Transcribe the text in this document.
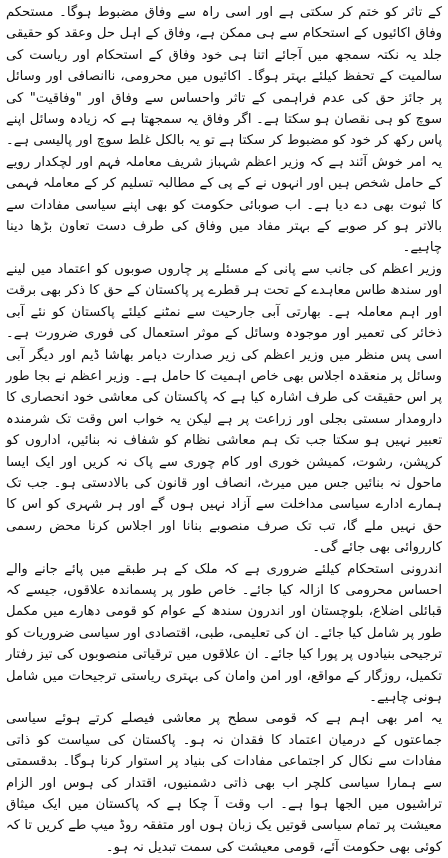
کے تاثر کو ختم کر سکتی ہے اور اسی راہ سے وفاق مضبوط ہوگا۔ مستحکم وفاق اکائیوں کے استحکام سے ہی ممکن ہے، وفاق کے اہل حل وعقد کو حقیقی جلد یہ نکتہ سمجھ میں آجائے اتنا ہی خود وفاق کے استحکام اور ریاست کی سالمیت کے تحفظ کیلئے بہتر ہوگا۔ اکائیوں میں محرومی، ناانصافی اور وسائل پر جائز حق کی عدم فراہمی کے تاثر واحساس سے وفاق اور "وفاقیت" کی سوچ کو ہی نقصان ہو سکتا ہے۔ اگر وفاق یہ سمجھتا ہے کہ زیادہ وسائل اپنے پاس رکھ کر خود کو مضبوط کر سکتا ہے تو یہ بالکل غلط سوچ اور پالیسی ہے۔ یہ امر خوش آئند ہے کہ وزیر اعظم شہباز شریف معاملہ فہم اور لچکدار رویے کے حامل شخص ہیں اور انہوں نے کے پی کے مطالبہ تسلیم کر کے معاملہ فہمی کا ثبوت بھی دے دیا ہے۔ اب صوبائی حکومت کو بھی اپنے سیاسی مفادات سے بالاتر ہو کر صوبے کے بہتر مفاد میں وفاق کی طرف دست تعاون بڑھا دینا چاہیے۔

وزیر اعظم کی جانب سے پانی کے مسئلے پر چاروں صوبوں کو اعتماد میں لینے اور سندھ طاس معاہدے کے تحت ہر قطرے پر پاکستان کے حق کا ذکر بھی برقت اور اہم معاملہ ہے۔ بھارتی آبی جارحیت سے نمٹنے کیلئے پاکستان کو نئے آبی ذخائر کی تعمیر اور موجودہ وسائل کے موثر استعمال کی فوری ضرورت ہے۔ اسی پس منظر میں وزیر اعظم کی زیر صدارت دیامر بھاشا ڈیم اور دیگر آبی وسائل پر منعقدہ اجلاس بھی خاص اہمیت کا حامل ہے۔ وزیر اعظم نے بجا طور پر اس حقیقت کی طرف اشارہ کیا ہے کہ پاکستان کی معاشی خود انحصاری کا دارومدار سستی بجلی اور زراعت پر ہے لیکن یہ خواب اس وقت تک شرمندہ تعبیر نہیں ہو سکتا جب تک ہم معاشی نظام کو شفاف نہ بنائیں، اداروں کو کرپشن، رشوت، کمیشن خوری اور کام چوری سے پاک نہ کریں اور ایک ایسا ماحول نہ بنائیں جس میں میرٹ، انصاف اور قانون کی بالادستی ہو۔ جب تک ہمارے ادارے سیاسی مداخلت سے آزاد نہیں ہوں گے اور ہر شہری کو اس کا حق نہیں ملے گا، تب تک صرف منصوبے بنانا اور اجلاس کرنا محض رسمی کارروائی بھی جائے گی۔

اندرونی استحکام کیلئے ضروری ہے کہ ملک کے ہر طبقے میں پائے جانے والے احساس محرومی کا ازالہ کیا جائے۔ خاص طور پر پسماندہ علاقوں، جیسے کہ قبائلی اضلاع، بلوچستان اور اندرون سندھ کے عوام کو قومی دھارے میں مکمل طور پر شامل کیا جائے۔ ان کی تعلیمی، طبی، اقتصادی اور سیاسی ضروریات کو ترجیحی بنیادوں پر پورا کیا جائے۔ ان علاقوں میں ترقیاتی منصوبوں کی تیز رفتار تکمیل، روزگار کے مواقع، اور امن وامان کی بہتری ریاستی ترجیحات میں شامل ہونی چاہیے۔

یہ امر بھی اہم ہے کہ قومی سطح پر معاشی فیصلے کرتے ہوئے سیاسی جماعتوں کے درمیان اعتماد کا فقدان نہ ہو۔ پاکستان کی سیاست کو ذاتی مفادات سے نکال کر اجتماعی مفادات کی بنیاد پر استوار کرنا ہوگا۔ بدقسمتی سے ہمارا سیاسی کلچر اب بھی ذاتی دشمنیوں، اقتدار کی ہوس اور الزام تراشیوں میں الجھا ہوا ہے۔ اب وقت آ چکا ہے کہ پاکستان میں ایک میثاق معیشت پر تمام سیاسی قوتیں یک زبان ہوں اور متفقہ روڈ میپ طے کریں تا کہ کوئی بھی حکومت آئے، قومی معیشت کی سمت تبدیل نہ ہو۔
